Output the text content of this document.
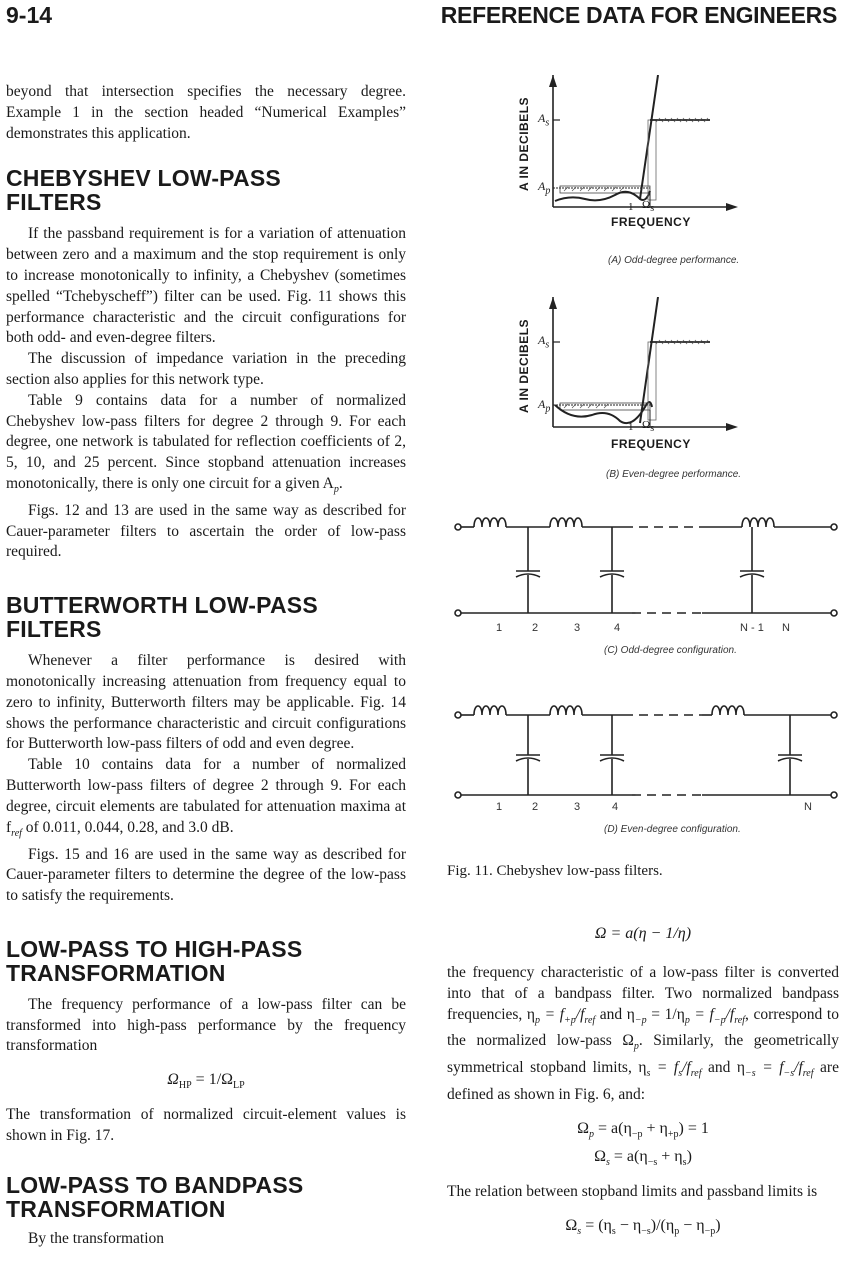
9-14	REFERENCE DATA FOR ENGINEERS

beyond that intersection specifies the necessary degree. Example 1 in the section headed “Numerical Examples” demonstrates this application.

CHEBYSHEV LOW-PASS
FILTERS

If the passband requirement is for a variation of attenuation between zero and a maximum and the stop requirement is only to increase monotonically to infinity, a Chebyshev (sometimes spelled “Tchebyscheff”) filter can be used. Fig. 11 shows this performance characteristic and the circuit configurations for both odd- and even-degree filters.

The discussion of impedance variation in the preceding section also applies for this network type.

Table 9 contains data for a number of normalized Chebyshev low-pass filters for degree 2 through 9. For each degree, one network is tabulated for reflection coefficients of 2, 5, 10, and 25 percent. Since stopband attenuation increases monotonically, there is only one circuit for a given $A_p$.

Figs. 12 and 13 are used in the same way as described for Cauer-parameter filters to ascertain the order of low-pass required.

BUTTERWORTH LOW-PASS
FILTERS

Whenever a filter performance is desired with monotonically increasing attenuation from frequency equal to zero to infinity, Butterworth filters may be applicable. Fig. 14 shows the performance characteristic and circuit configurations for Butterworth low-pass filters of odd and even degree.

Table 10 contains data for a number of normalized Butterworth low-pass filters of degree 2 through 9. For each degree, circuit elements are tabulated for attenuation maxima at $f_{ref}$ of 0.011, 0.044, 0.28, and 3.0 dB.

Figs. 15 and 16 are used in the same way as described for Cauer-parameter filters to determine the degree of the low-pass to satisfy the requirements.

LOW-PASS TO HIGH-PASS
TRANSFORMATION

The frequency performance of a low-pass filter can be transformed into high-pass performance by the frequency transformation

$\Omega_{HP} = 1/\Omega_{LP}$

The transformation of normalized circuit-element values is shown in Fig. 17.

LOW-PASS TO BANDPASS
TRANSFORMATION

By the transformation

A IN DECIBELS $A_s$
$A_p$
1 $\Omega_s$
FREQUENCY
(A) Odd-degree performance.
A IN DECIBELS $A_s$
$A_p$
1 $\Omega_s$
FREQUENCY
(B) Even-degree performance.
1	2	3	4	N - 1 N
(C) Odd-degree configuration.
1	2	3	4	N
(D) Even-degree configuration.
Fig. 11. Chebyshev low-pass filters.
Ω = a(η − 1/η)

the frequency characteristic of a low-pass filter is converted into that of a bandpass filter. Two normalized bandpass frequencies, $\eta_p = f_{+p}/f_{ref}$ and $\eta_{-p} = 1/\eta_p = f_{-p}/f_{ref}$, correspond to the normalized low-pass $\Omega_p$. Similarly, the geometrically symmetrical stopband limits, $\eta_s = f_s/f_{ref}$ and $\eta_{-s} = f_{-s}/f_{ref}$ are defined as shown in Fig. 6, and:

$\Omega_p = a(\eta_{-p} + \eta_{+p}) = 1$
$\Omega_s = a(\eta_{-s} + \eta_s)$

The relation between stopband limits and passband limits is

$\Omega_s = (\eta_s - \eta_{-s})/(\eta_p - \eta_{-p})$
